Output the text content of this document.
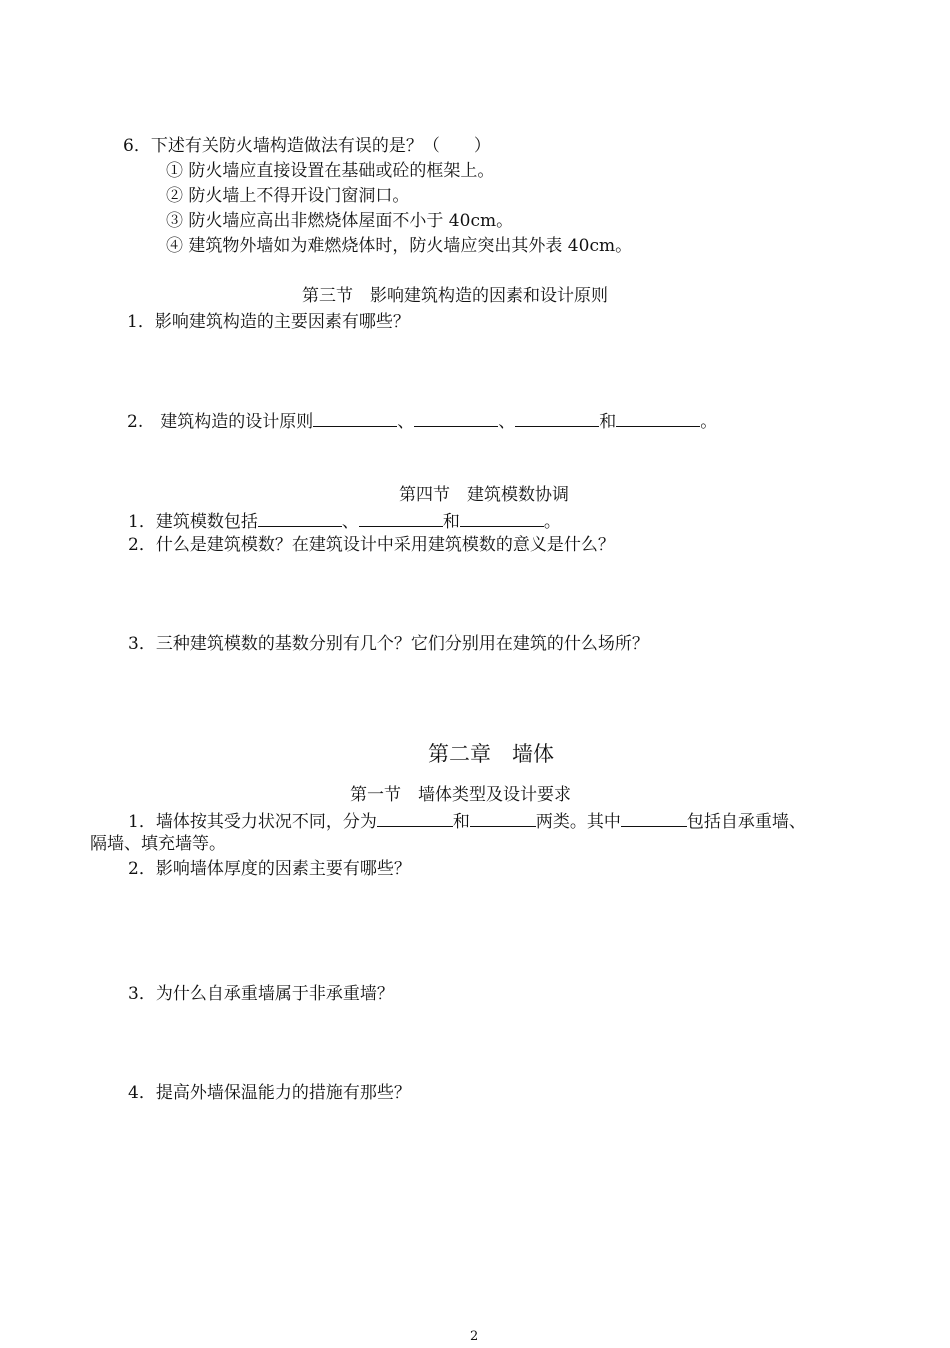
6．下述有关防火墙构造做法有误的是？（　　）
① 防火墙应直接设置在基础或砼的框架上。
② 防火墙上不得开设门窗洞口。
③ 防火墙应高出非燃烧体屋面不小于 40cm。
④ 建筑物外墙如为难燃烧体时，防火墙应突出其外表 40cm。
第三节　影响建筑构造的因素和设计原则
1．影响建筑构造的主要因素有哪些？
2.　建筑构造的设计原则	、	、	和	。
第四节　建筑模数协调
1．建筑模数包括	、	和	。
2．什么是建筑模数？在建筑设计中采用建筑模数的意义是什么？
3．三种建筑模数的基数分别有几个？它们分别用在建筑的什么场所？
第二章　墙体
第一节　墙体类型及设计要求
1．墙体按其受力状况不同，分为	和	两类。其中	包括自承重墙、
隔墙、填充墙等。
2．影响墙体厚度的因素主要有哪些？
3．为什么自承重墙属于非承重墙？
4．提高外墙保温能力的措施有那些？
2
